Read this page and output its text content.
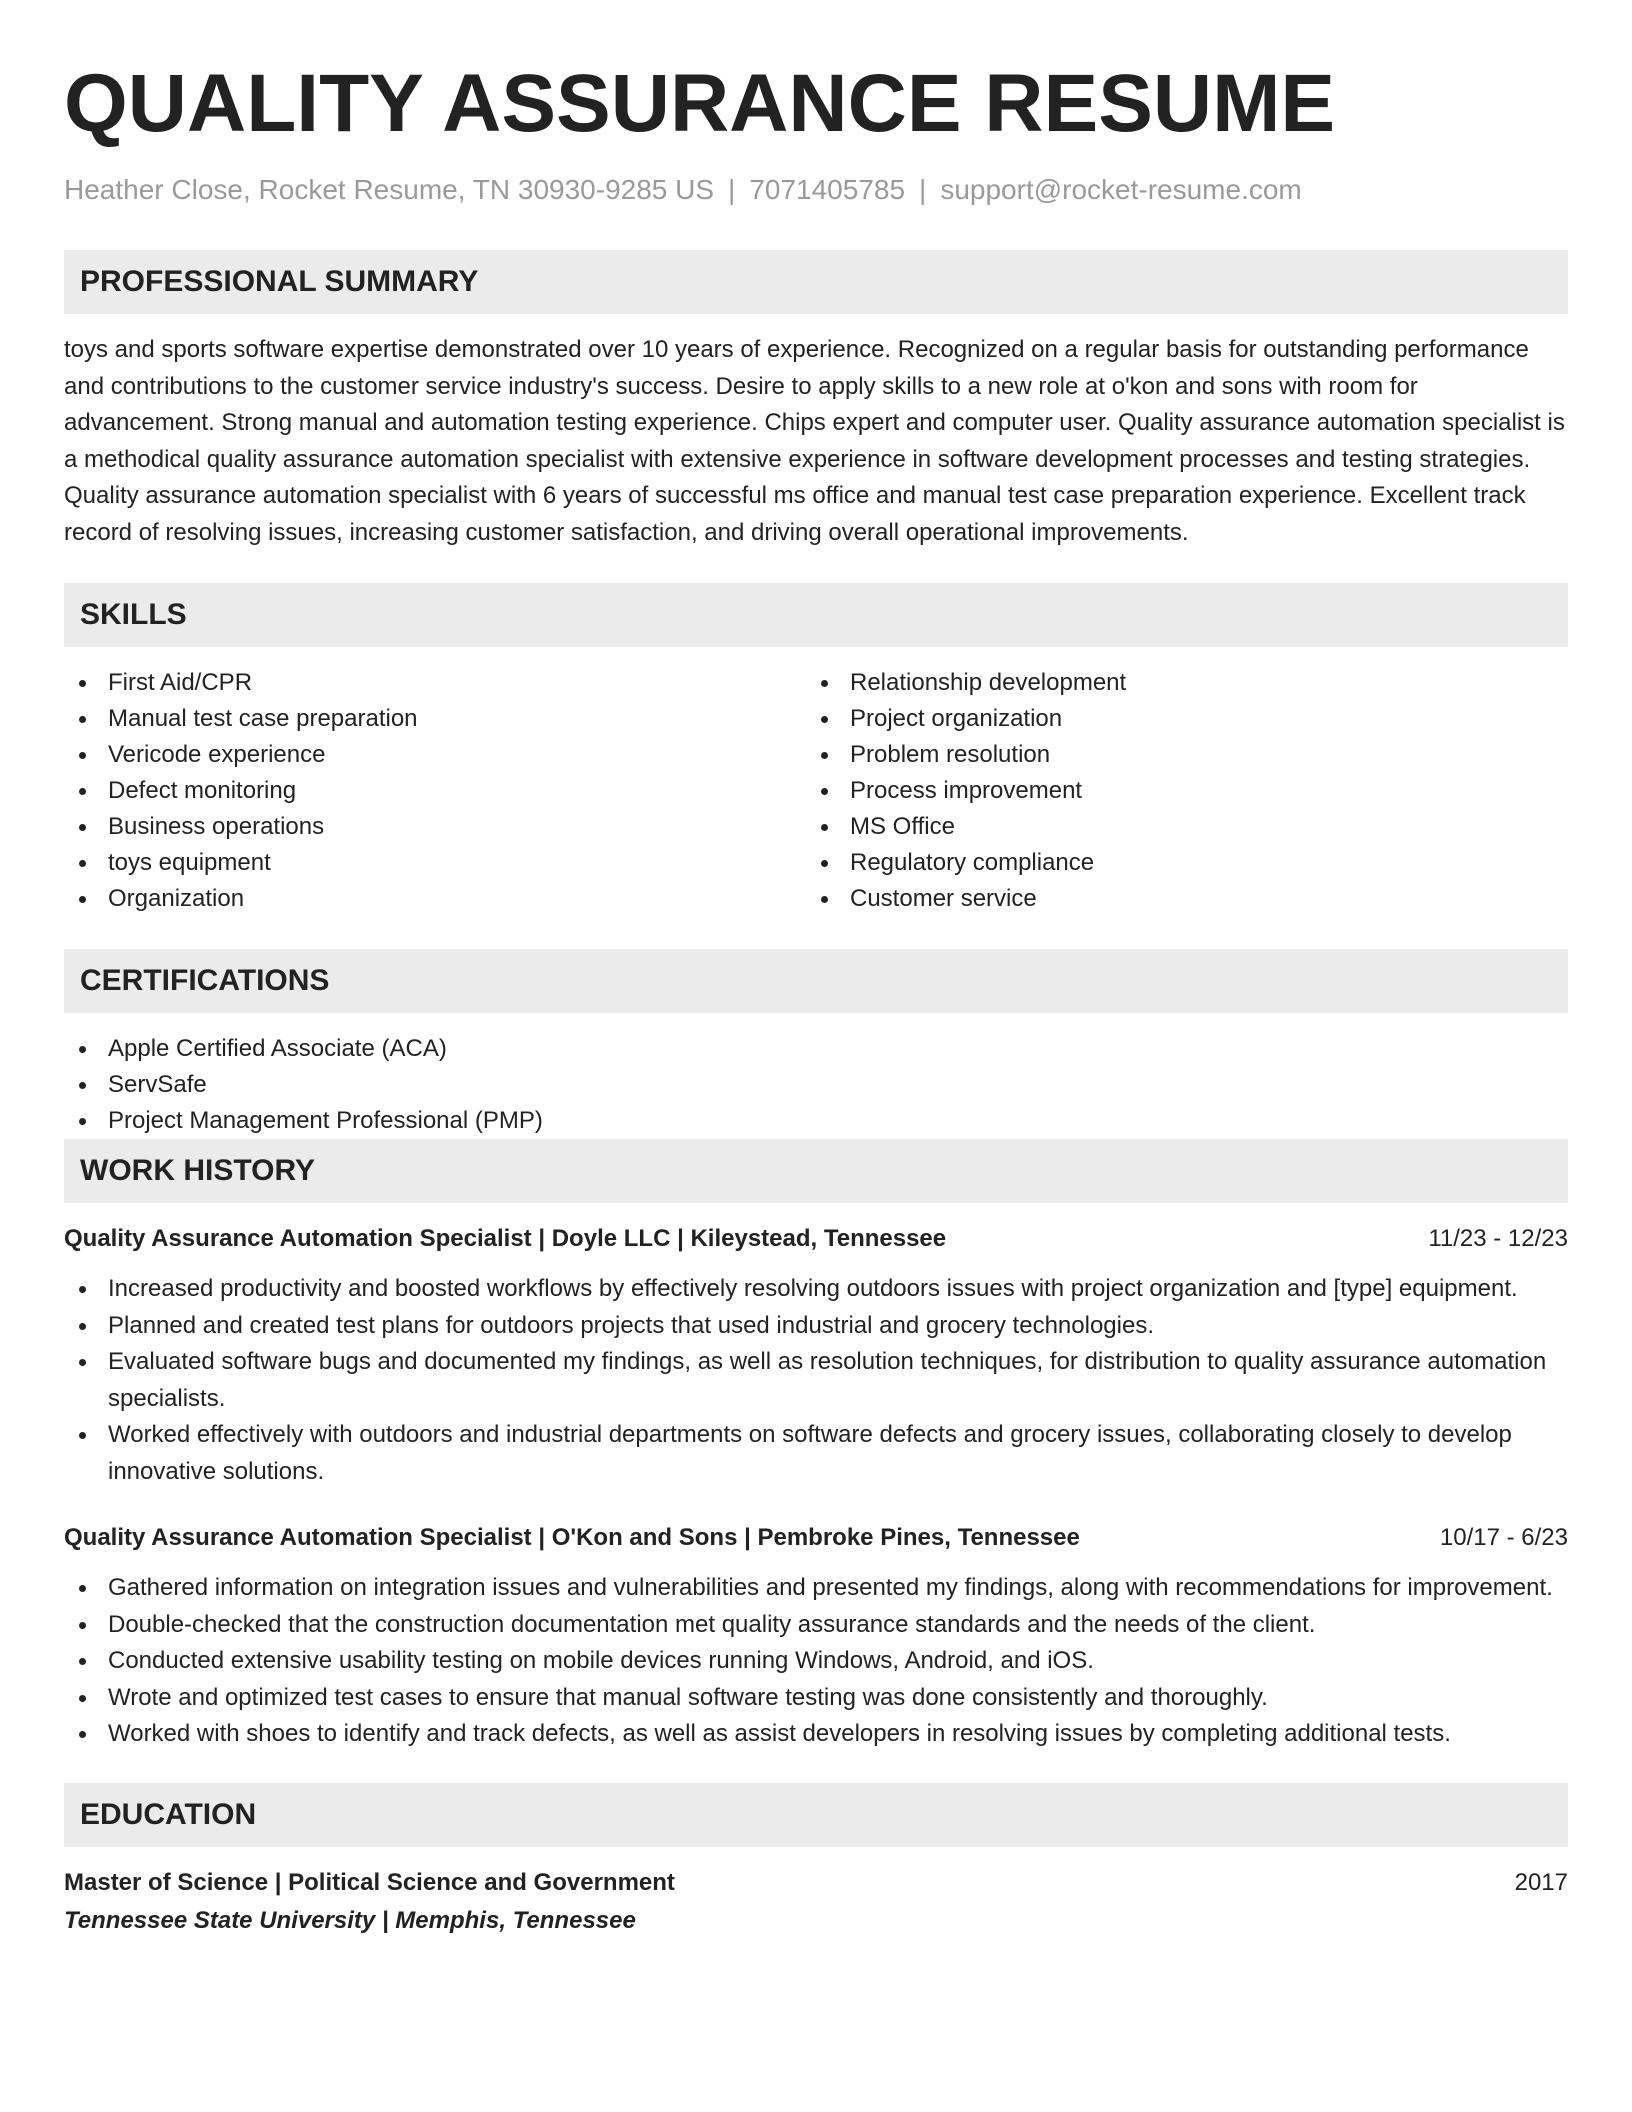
QUALITY ASSURANCE RESUME
Heather Close, Rocket Resume, TN 30930-9285 US | 7071405785 | support@rocket-resume.com
PROFESSIONAL SUMMARY

toys and sports software expertise demonstrated over 10 years of experience. Recognized on a regular basis for outstanding performance and contributions to the customer service industry's success. Desire to apply skills to a new role at o'kon and sons with room for advancement. Strong manual and automation testing experience. Chips expert and computer user. Quality assurance automation specialist is a methodical quality assurance automation specialist with extensive experience in software development processes and testing strategies. Quality assurance automation specialist with 6 years of successful ms office and manual test case preparation experience. Excellent track record of resolving issues, increasing customer satisfaction, and driving overall operational improvements.

SKILLS
First Aid/CPR
Manual test case preparation
Vericode experience
Defect monitoring
Business operations
toys equipment
Organization
Relationship development
Project organization
Problem resolution
Process improvement
MS Office
Regulatory compliance
Customer service
CERTIFICATIONS
Apple Certified Associate (ACA)
ServSafe
Project Management Professional (PMP)
WORK HISTORY
Quality Assurance Automation Specialist | Doyle LLC | Kileystead, Tennessee	11/23 - 12/23
Increased productivity and boosted workflows by effectively resolving outdoors issues with project organization and [type] equipment.
Planned and created test plans for outdoors projects that used industrial and grocery technologies.
Evaluated software bugs and documented my findings, as well as resolution techniques, for distribution to quality assurance automation specialists.
Worked effectively with outdoors and industrial departments on software defects and grocery issues, collaborating closely to develop innovative solutions.
Quality Assurance Automation Specialist | O'Kon and Sons | Pembroke Pines, Tennessee	10/17 - 6/23
Gathered information on integration issues and vulnerabilities and presented my findings, along with recommendations for improvement.
Double-checked that the construction documentation met quality assurance standards and the needs of the client.
Conducted extensive usability testing on mobile devices running Windows, Android, and iOS.
Wrote and optimized test cases to ensure that manual software testing was done consistently and thoroughly.
Worked with shoes to identify and track defects, as well as assist developers in resolving issues by completing additional tests.
EDUCATION
Master of Science | Political Science and Government	2017
Tennessee State University | Memphis, Tennessee
